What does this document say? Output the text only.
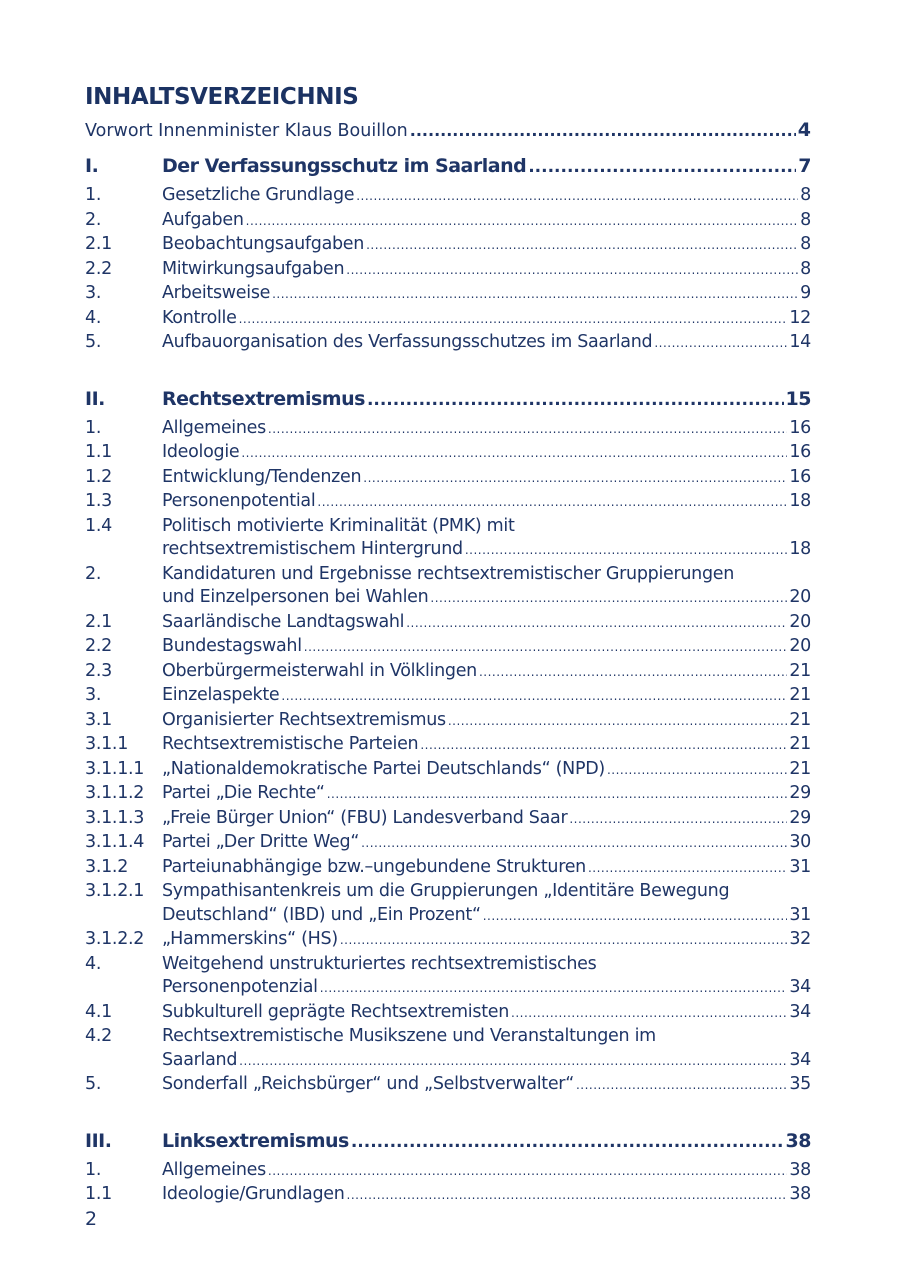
INHALTSVERZEICHNIS
Vorwort Innenminister Klaus Bouillon .....	4
I.	Der Verfassungsschutz im Saarland .....	7
1.	Gesetzliche Grundlage .....	8
2.	Aufgaben .....	8
2.1	Beobachtungsaufgaben .....	8
2.2	Mitwirkungsaufgaben .....	8
3.	Arbeitsweise .....	9
4.	Kontrolle .....	12
5.	Aufbauorganisation des Verfassungsschutzes im Saarland .....	14
II.	Rechtsextremismus .....	15
1.	Allgemeines .....	16
1.1	Ideologie .....	16
1.2	Entwicklung/Tendenzen .....	16
1.3	Personenpotential .....	18
1.4	Politisch motivierte Kriminalität (PMK) mit
rechtsextremistischem Hintergrund .....	18
2.	Kandidaturen und Ergebnisse rechtsextremistischer Gruppierungen
und Einzelpersonen bei Wahlen .....	20
2.1	Saarländische Landtagswahl .....	20
2.2	Bundestagswahl .....	20
2.3	Oberbürgermeisterwahl in Völklingen .....	21
3.	Einzelaspekte .....	21
3.1	Organisierter Rechtsextremismus .....	21
3.1.1	Rechtsextremistische Parteien .....	21
3.1.1.1	„Nationaldemokratische Partei Deutschlands“ (NPD) .....	21
3.1.1.2	Partei „Die Rechte“ .....	29
3.1.1.3	„Freie Bürger Union“ (FBU) Landesverband Saar .....	29
3.1.1.4	Partei „Der Dritte Weg“ .....	30
3.1.2	Parteiunabhängige bzw.–ungebundene Strukturen .....	31
3.1.2.1	Sympathisantenkreis um die Gruppierungen „Identitäre Bewegung
Deutschland“ (IBD) und „Ein Prozent“ .....	31
3.1.2.2	„Hammerskins“ (HS) .....	32
4.	Weitgehend unstrukturiertes rechtsextremistisches
Personenpotenzial .....	34
4.1	Subkulturell geprägte Rechtsextremisten .....	34
4.2	Rechtsextremistische Musikszene und Veranstaltungen im
Saarland .....	34
5.	Sonderfall „Reichsbürger“ und „Selbstverwalter“ .....	35
III.	Linksextremismus .....	38
1.	Allgemeines .....	38
1.1	Ideologie/Grundlagen .....	38
2
